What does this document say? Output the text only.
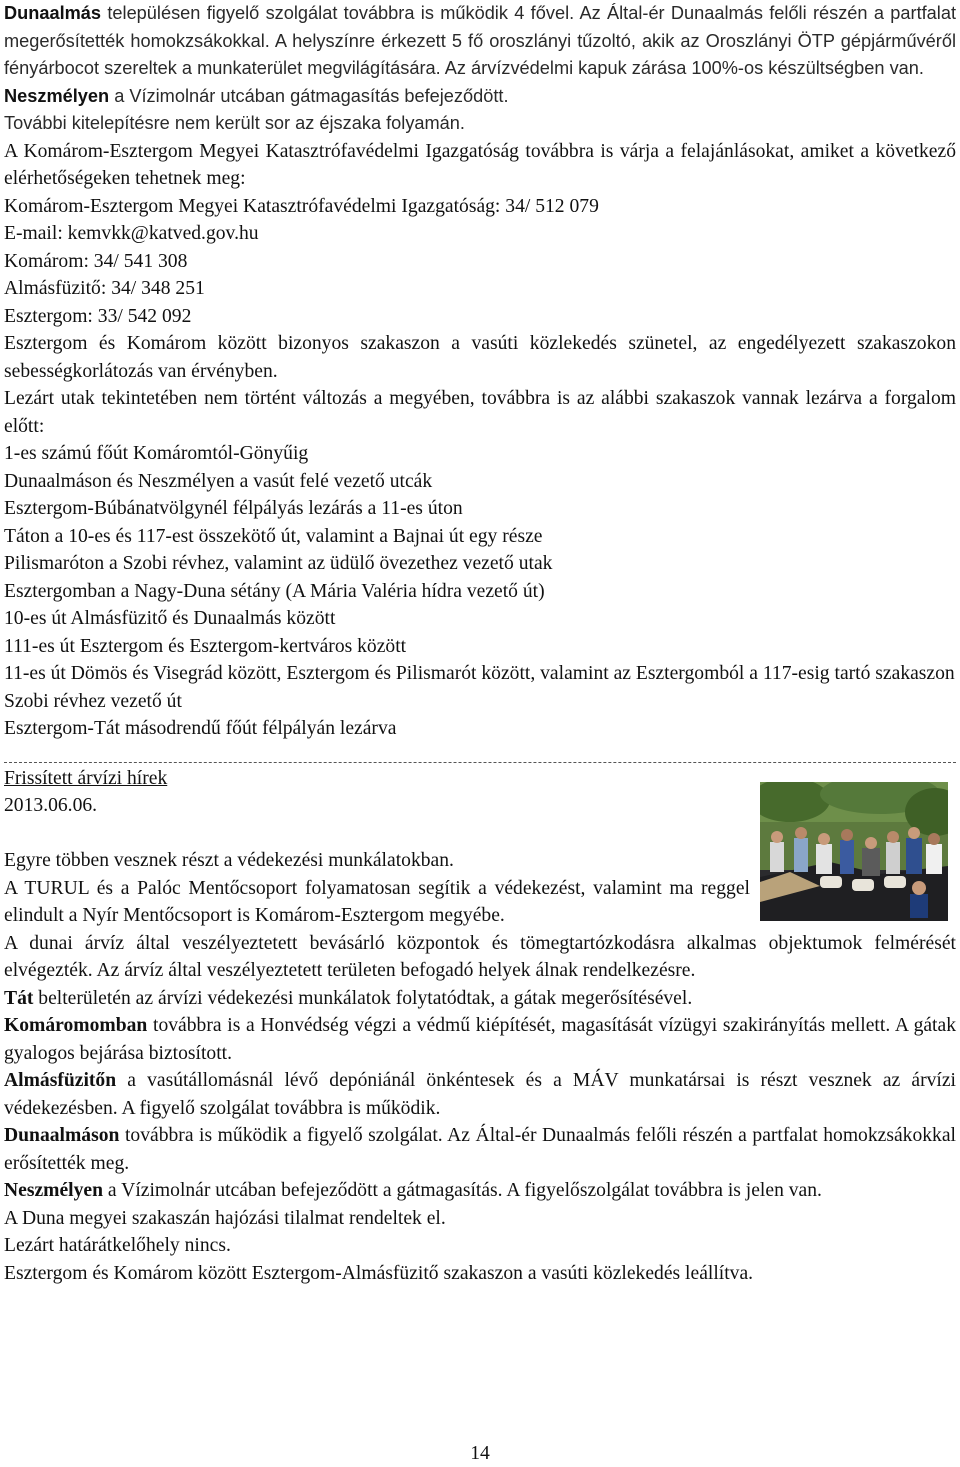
Dunaalmás településen figyelő szolgálat továbbra is működik 4 fővel. Az Által-ér Dunaalmás felőli részén a partfalat megerősítették homokzsákokkal. A helyszínre érkezett 5 fő oroszlányi tűzoltó, akik az Oroszlányi ÖTP gépjárművéről fényárbocot szereltek a munkaterület megvilágítására. Az árvízvédelmi kapuk zárása 100%-os készültségben van.

Neszmélyen a Vízimolnár utcában gátmagasítás befejeződött.

További kitelepítésre nem került sor az éjszaka folyamán.

A Komárom-Esztergom Megyei Katasztrófavédelmi Igazgatóság továbbra is várja a felajánlásokat, amiket a következő elérhetőségeken tehetnek meg:

Komárom-Esztergom Megyei Katasztrófavédelmi Igazgatóság: 34/ 512 079

E-mail: kemvkk@katved.gov.hu

Komárom: 34/ 541 308

Almásfüzitő: 34/ 348 251

Esztergom: 33/ 542 092

Esztergom és Komárom között bizonyos szakaszon a vasúti közlekedés szünetel, az engedélyezett szakaszokon sebességkorlátozás van érvényben.

Lezárt utak tekintetében nem történt változás a megyében, továbbra is az alábbi szakaszok vannak lezárva a forgalom előtt:

1-es számú főút Komáromtól-Gönyűig

Dunaalmáson és Neszmélyen a vasút felé vezető utcák

Esztergom-Búbánatvölgynél félpályás lezárás a 11-es úton

Táton a 10-es és 117-est összekötő út, valamint a Bajnai út egy része

Pilismaróton a Szobi révhez, valamint az üdülő övezethez vezető utak

Esztergomban a Nagy-Duna sétány (A Mária Valéria hídra vezető út)

10-es út Almásfüzitő és Dunaalmás között

111-es út Esztergom és Esztergom-kertváros között

11-es út Dömös és Visegrád között, Esztergom és Pilismarót között, valamint az Esztergomból a 117-esig tartó szakaszon

Szobi révhez vezető út

Esztergom-Tát másodrendű főút félpályán lezárva

Frissített árvízi hírek

2013.06.06.

Egyre többen vesznek részt a védekezési munkálatokban.

A TURUL és a Palóc Mentőcsoport folyamatosan segítik a védekezést, valamint ma reggel elindult a Nyír Mentőcsoport is Komárom-Esztergom megyébe.

A dunai árvíz által veszélyeztetett bevásárló központok és tömegtartózkodásra alkalmas objektumok felmérését elvégezték. Az árvíz által veszélyeztetett területen befogadó helyek álnak rendelkezésre.

Tát belterületén az árvízi védekezési munkálatok folytatódtak, a gátak megerősítésével.

Komáromomban továbbra is a Honvédség végzi a védmű kiépítését, magasítását vízügyi szakirányítás mellett. A gátak gyalogos bejárása biztosított.

Almásfüzitőn a vasútállomásnál lévő depóniánál önkéntesek és a MÁV munkatársai is részt vesznek az árvízi védekezésben. A figyelő szolgálat továbbra is működik.

Dunaalmáson továbbra is működik a figyelő szolgálat. Az Által-ér Dunaalmás felőli részén a partfalat homokzsákokkal erősítették meg.

Neszmélyen a Vízimolnár utcában befejeződött a gátmagasítás. A figyelőszolgálat továbbra is jelen van.

A Duna megyei szakaszán hajózási tilalmat rendeltek el.

Lezárt határátkelőhely nincs.

Esztergom és Komárom között Esztergom-Almásfüzitő szakaszon a vasúti közlekedés leállítva.

14
